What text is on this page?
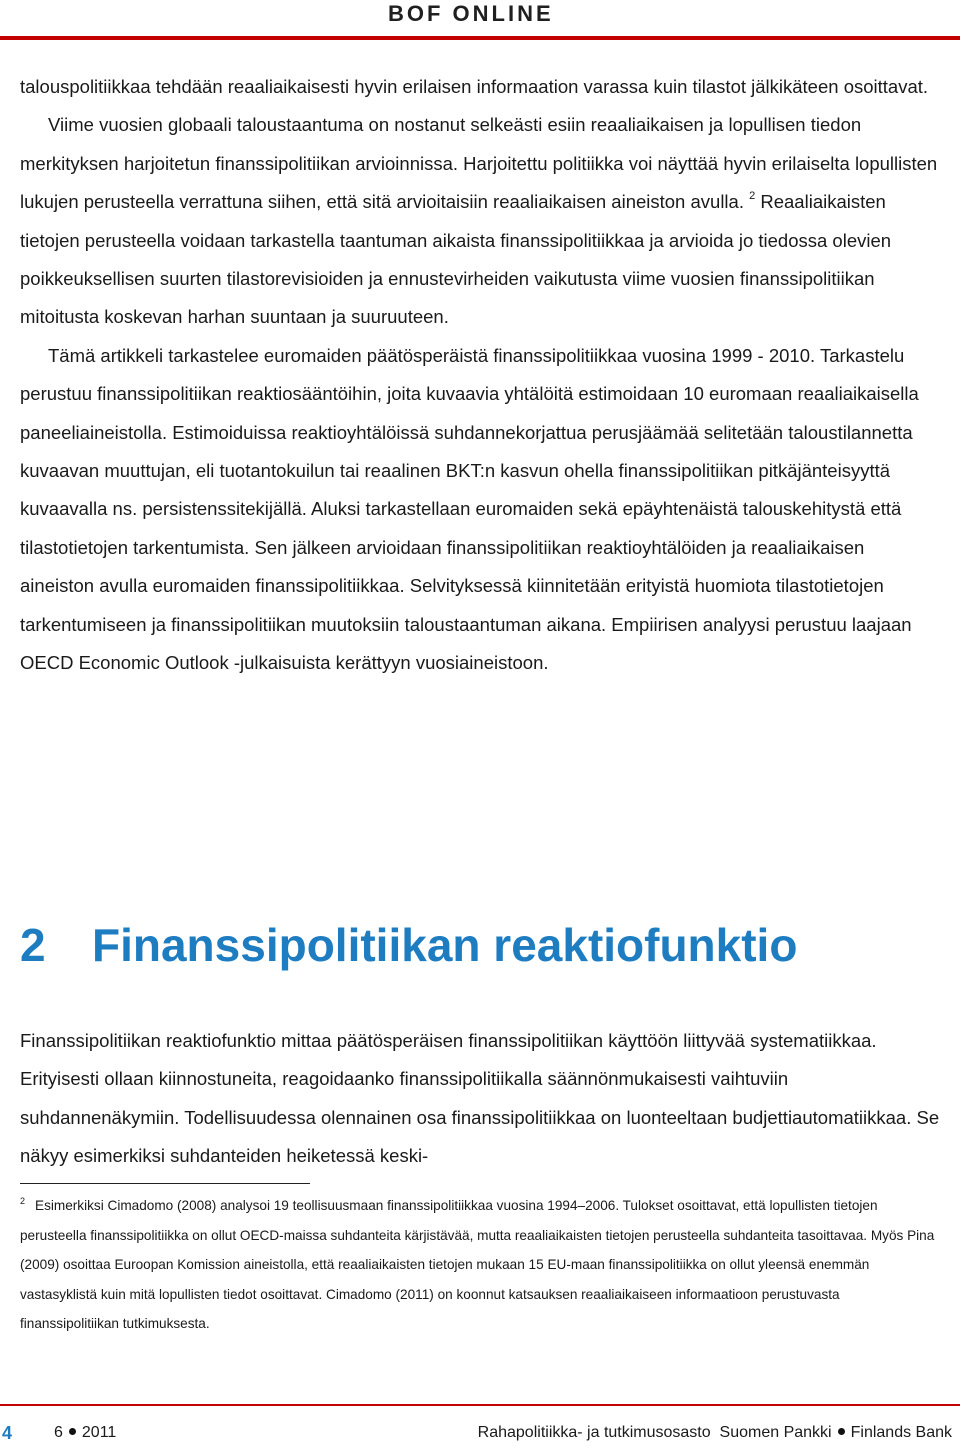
BOF ONLINE

talouspolitiikkaa tehdään reaaliaikaisesti hyvin erilaisen informaation varassa kuin tilastot jälkikäteen osoittavat.

Viime vuosien globaali taloustaantuma on nostanut selkeästi esiin reaaliaikaisen ja lopullisen tiedon merkityksen harjoitetun finanssipolitiikan arvioinnissa. Harjoitettu politiikka voi näyttää hyvin erilaiselta lopullisten lukujen perusteella verrattuna siihen, että sitä arvioitaisiin reaaliaikaisen aineiston avulla. $^2$ Reaaliaikaisten tietojen perusteella voidaan tarkastella taantuman aikaista finanssipolitiikkaa ja arvioida jo tiedossa olevien poikkeuksellisen suurten tilastorevisioiden ja ennustevirheiden vaikutusta viime vuosien finanssipolitiikan mitoitusta koskevan harhan suuntaan ja suuruuteen.

Tämä artikkeli tarkastelee euromaiden päätösperäistä finanssipolitiikkaa vuosina 1999 - 2010. Tarkastelu perustuu finanssipolitiikan reaktiosääntöihin, joita kuvaavia yhtälöitä estimoidaan 10 euromaan reaaliaikaisella paneeliaineistolla. Estimoiduissa reaktioyhtälöissä suhdannekorjattua perusjäämää selitetään taloustilannetta kuvaavan muuttujan, eli tuotantokuilun tai reaalinen BKT:n kasvun ohella finanssipolitiikan pitkäjänteisyyttä kuvaavalla ns. persistenssitekijällä. Aluksi tarkastellaan euromaiden sekä epäyhtenäistä talouskehitystä että tilastotietojen tarkentumista. Sen jälkeen arvioidaan finanssipolitiikan reaktioyhtälöiden ja reaaliaikaisen aineiston avulla euromaiden finanssipolitiikkaa. Selvityksessä kiinnitetään erityistä huomiota tilastotietojen tarkentumiseen ja finanssipolitiikan muutoksiin taloustaantuman aikana. Empiirisen analyysi perustuu laajaan OECD Economic Outlook -julkaisuista kerättyyn vuosiaineistoon.

2 Finanssipolitiikan reaktiofunktio

Finanssipolitiikan reaktiofunktio mittaa päätösperäisen finanssipolitiikan käyttöön liittyvää systematiikkaa. Erityisesti ollaan kiinnostuneita, reagoidaanko finanssipolitiikalla säännönmukaisesti vaihtuviin suhdannenäkymiin. Todellisuudessa olennainen osa finanssipolitiikkaa on luonteeltaan budjettiautomatiikkaa. Se näkyy esimerkiksi suhdanteiden heiketessä keski-

$^2$ Esimerkiksi Cimadomo (2008) analysoi 19 teollisuusmaan finanssipolitiikkaa vuosina 1994–2006. Tulokset osoittavat, että lopullisten tietojen perusteella finanssipolitiikka on ollut OECD-maissa suhdanteita kärjistävää, mutta reaaliaikaisten tietojen perusteella suhdanteita tasoittavaa. Myös Pina (2009) osoittaa Euroopan Komission aineistolla, että reaaliaikaisten tietojen mukaan 15 EU-maan finanssipolitiikka on ollut yleensä enemmän vastasyklistä kuin mitä lopullisten tiedot osoittavat. Cimadomo (2011) on koonnut katsauksen reaaliaikaiseen informaatioon perustuvasta finanssipolitiikan tutkimuksesta.
4	6 2011	Rahapolitiikka- ja tutkimusosasto Suomen Pankki Finlands Bank
